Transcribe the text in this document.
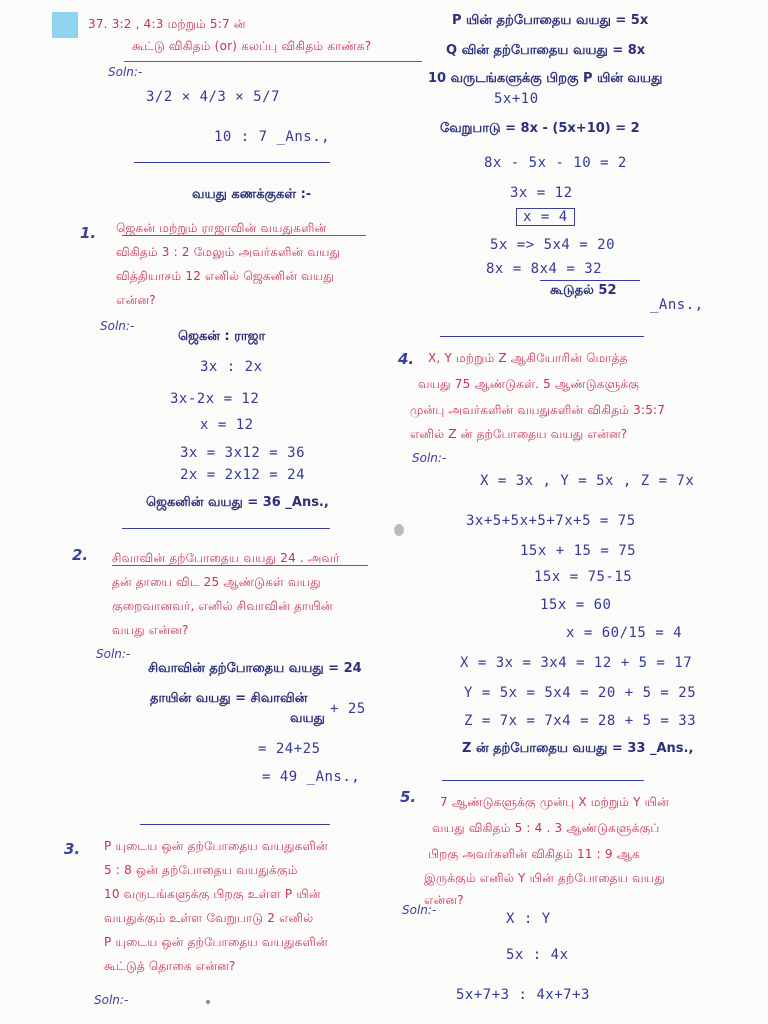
37. 3:2 , 4:3 மற்றும் 5:7 ன்
கூட்டு விகிதம் (or) கலப்பு விகிதம் காண்க?
Soln:-
3/2 × 4/3 × 5/7
10 : 7 _Ans.,
வயது கணக்குகள் :-
1. ஜெகன் மற்றும் ராஜாவின் வயதுகளின்
விகிதம் 3 : 2 மேலும் அவர்களின் வயது
வித்தியாசம் 12 எனில் ஜெகனின் வயது
என்ன?
Soln:-
ஜெகன் : ராஜா
3x : 2x
3x-2x = 12
x = 12
3x = 3x12 = 36
2x = 2x12 = 24
ஜெகனின் வயது = 36 _Ans.,
2. சிவாவின் தற்போதைய வயது 24 . அவர்
தன் தாயை விட 25 ஆண்டுகள் வயது
குறைவானவர், எனில் சிவாவின் தாயின்
வயது என்ன?
Soln:-
சிவாவின் தற்போதைய வயது = 24
தாயின் வயது = சிவாவின்
வயது
+ 25
= 24+25
= 49 _Ans.,
3. P யுடைய ஒன் தற்போதைய வயதுகளின்
5 : 8 ஒன் தற்போதைய வயதுக்கும்
10 வருடங்களுக்கு பிறகு உள்ள P யின்
வயதுக்கும் உள்ள வேறுபாடு 2 எனில்
P யுடைய ஒன் தற்போதைய வயதுகளின்
கூட்டுத் தொகை என்ன?
Soln:-
P யின் தற்போதைய வயது = 5x
Q வின் தற்போதைய வயது = 8x
10 வருடங்களுக்கு பிறகு P யின் வயது
5x+10
வேறுபாடு = 8x - (5x+10) = 2
8x - 5x - 10 = 2
3x = 12
5x => 5x4 = 20
8x = 8x4 = 32
கூடுதல் 52
_Ans.,
4. X, Y மற்றும் Z ஆகியோரின் மொத்த
வயது 75 ஆண்டுகள். 5 ஆண்டுகளுக்கு
முன்பு அவர்களின் வயதுகளின் விகிதம் 3:5:7
எனில் Z ன் தற்போதைய வயது என்ன?
Soln:-
X = 3x , Y = 5x , Z = 7x
3x+5+5x+5+7x+5 = 75
15x + 15 = 75
15x = 75-15
15x = 60
x = 60/15 = 4
X = 3x = 3x4 = 12 + 5 = 17
Y = 5x = 5x4 = 20 + 5 = 25
Z = 7x = 7x4 = 28 + 5 = 33
Z ன் தற்போதைய வயது = 33 _Ans.,
5. 7 ஆண்டுகளுக்கு முன்பு X மற்றும் Y யின்
வயது விகிதம் 5 : 4 . 3 ஆண்டுகளுக்குப்
பிறகு அவர்களின் விகிதம் 11 : 9 ஆக
இருக்கும் எனில் Y யின் தற்போதைய வயது
என்ன?
Soln:-
X : Y
5x : 4x
5x+7+3 : 4x+7+3
x = 4
